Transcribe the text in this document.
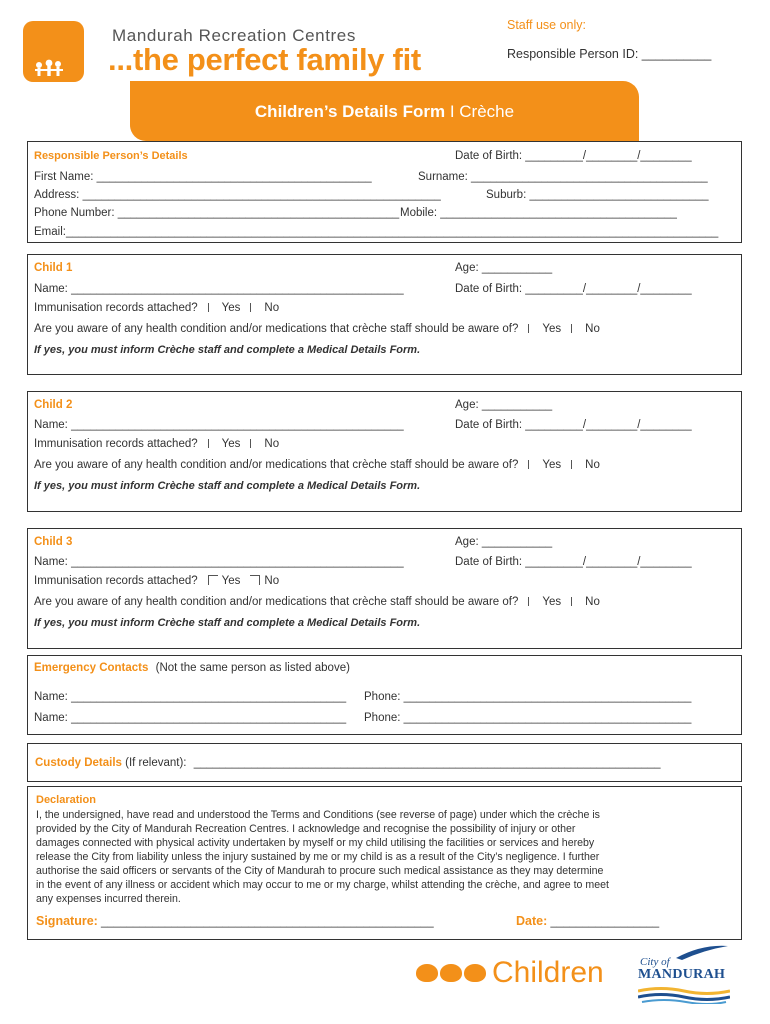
Mandurah Recreation Centres
...the perfect family fit
Staff use only:
Responsible Person ID: __________
Children’s Details Form I Crèche
Responsible Person’s Details	Date of Birth: _________/________/________
First Name: ___________________________________________	Surname: _____________________________________
Address: ________________________________________________________	Suburb: ____________________________
Phone Number: ____________________________________________ Mobile: _____________________________________
Email:______________________________________________________________________________________________________
Child 1	Age: ___________
Name: ____________________________________________________	Date of Birth: _________/________/________
Immunisation records attached? Yes No
Are you aware of any health condition and/or medications that crèche staff should be aware of? Yes No
If yes, you must inform Crèche staff and complete a Medical Details Form.
Child 2	Age: ___________
Name: ____________________________________________________	Date of Birth: _________/________/________
Immunisation records attached? Yes No
Are you aware of any health condition and/or medications that crèche staff should be aware of? Yes No
If yes, you must inform Crèche staff and complete a Medical Details Form.
Child 3	Age: ___________
Name: ____________________________________________________	Date of Birth: _________/________/________
Immunisation records attached? Yes No
Are you aware of any health condition and/or medications that crèche staff should be aware of? Yes No
If yes, you must inform Crèche staff and complete a Medical Details Form.
Emergency Contacts (Not the same person as listed above)
Name: ___________________________________________ Phone: _____________________________________________
Name: ___________________________________________ Phone: _____________________________________________
Custody Details (If relevant): _________________________________________________________________________
Declaration
I, the undersigned, have read and understood the Terms and Conditions (see reverse of page) under which the crèche is
provided by the City of Mandurah Recreation Centres. I acknowledge and recognise the possibility of injury or other
damages connected with physical activity undertaken by myself or my child utilising the facilities or services and hereby
release the City from liability unless the injury sustained by me or my child is as a result of the City’s negligence. I further
authorise the said officers or servants of the City of Mandurah to procure such medical assistance as they may determine
in the event of any illness or accident which may occur to me or my charge, whilst attending the crèche, and agree to meet
any expenses incurred therein.
Signature: ____________________________________________________	Date: _________________
Children	City of
MANDURAH
